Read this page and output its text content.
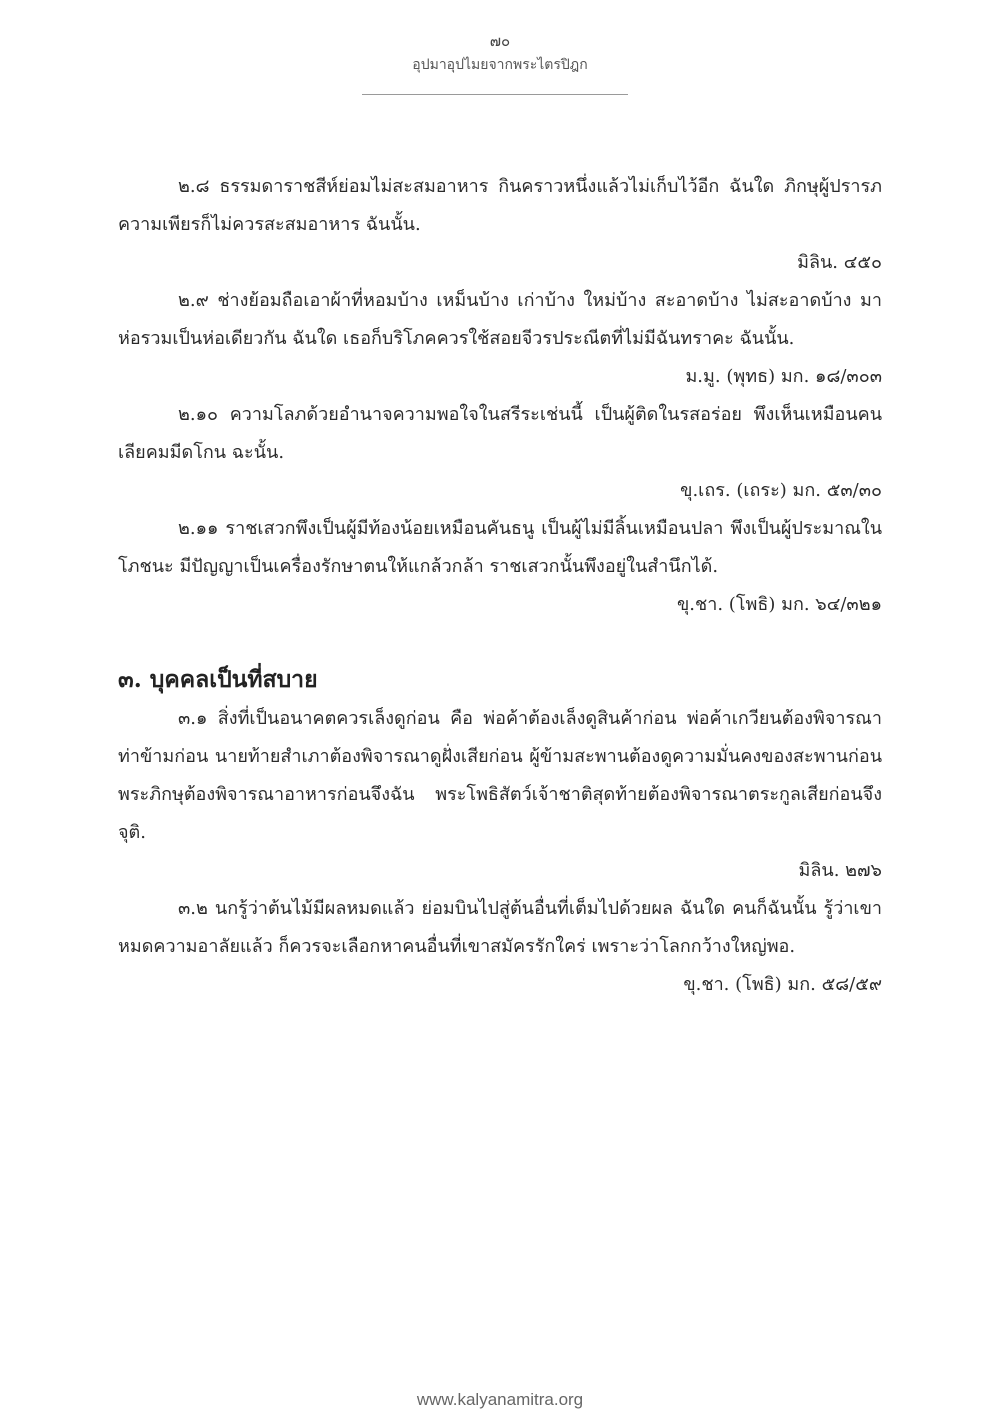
๗๐
อุปมาอุปไมยจากพระไตรปิฎก

๒.๘ ธรรมดาราชสีห์ย่อมไม่สะสมอาหาร กินคราวหนึ่งแล้วไม่เก็บไว้อีก ฉันใด ภิกษุผู้ปรารภความเพียรก็ไม่ควรสะสมอาหาร ฉันนั้น.

มิลิน. ๔๕๐

๒.๙ ช่างย้อมถือเอาผ้าที่หอมบ้าง เหม็นบ้าง เก่าบ้าง ใหม่บ้าง สะอาดบ้าง ไม่สะอาดบ้าง มาห่อรวมเป็นห่อเดียวกัน ฉันใด เธอก็บริโภคควรใช้สอยจีวรประณีตที่ไม่มีฉันทราคะ ฉันนั้น.

ม.มู. (พุทธ) มก. ๑๘/๓๐๓

๒.๑๐ ความโลภด้วยอำนาจความพอใจในสรีระเช่นนี้ เป็นผู้ติดในรสอร่อย พึงเห็นเหมือนคนเลียคมมีดโกน ฉะนั้น.

ขุ.เถร. (เถระ) มก. ๕๓/๓๐

๒.๑๑ ราชเสวกพึงเป็นผู้มีท้องน้อยเหมือนคันธนู เป็นผู้ไม่มีลิ้นเหมือนปลา พึงเป็นผู้ประมาณในโภชนะ มีปัญญาเป็นเครื่องรักษาตนให้แกล้วกล้า ราชเสวกนั้นพึงอยู่ในสำนึกได้.

ขุ.ชา. (โพธิ) มก. ๖๔/๓๒๑

๓. บุคคลเป็นที่สบาย

๓.๑ สิ่งที่เป็นอนาคตควรเล็งดูก่อน คือ พ่อค้าต้องเล็งดูสินค้าก่อน พ่อค้าเกวียนต้องพิจารณาท่าข้ามก่อน นายท้ายสำเภาต้องพิจารณาดูฝั่งเสียก่อน ผู้ข้ามสะพานต้องดูความมั่นคงของสะพานก่อน พระภิกษุต้องพิจารณาอาหารก่อนจึงฉัน พระโพธิสัตว์เจ้าชาติสุดท้ายต้องพิจารณาตระกูลเสียก่อนจึงจุติ.

มิลิน. ๒๗๖

๓.๒ นกรู้ว่าต้นไม้มีผลหมดแล้ว ย่อมบินไปสู่ต้นอื่นที่เต็มไปด้วยผล ฉันใด คนก็ฉันนั้น รู้ว่าเขาหมดความอาลัยแล้ว ก็ควรจะเลือกหาคนอื่นที่เขาสมัครรักใคร่ เพราะว่าโลกกว้างใหญ่พอ.

ขุ.ชา. (โพธิ) มก. ๕๘/๕๙

www.kalyanamitra.org
